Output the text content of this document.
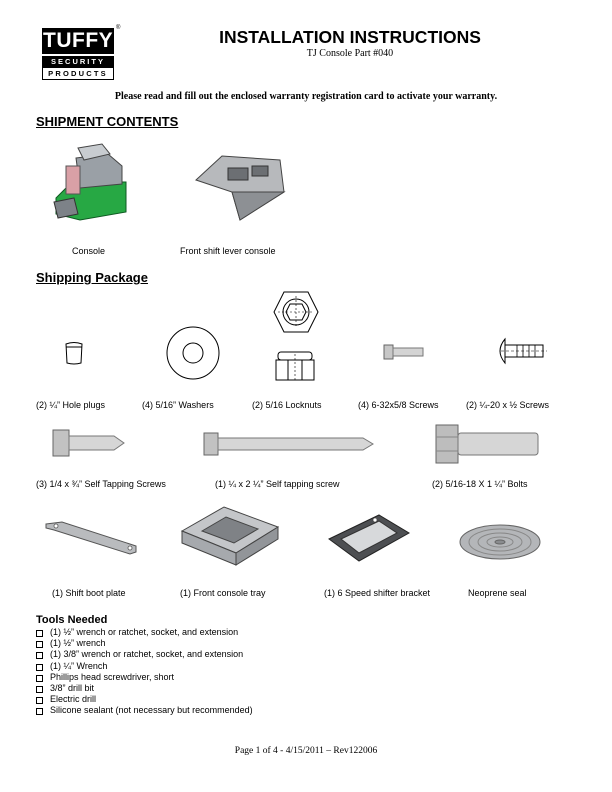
TUFFY
SECURITY
PRODUCTS
®	INSTALLATION INSTRUCTIONS
TJ Console Part #040
Please read and fill out the enclosed warranty registration card to activate your warranty.
SHIPMENT CONTENTS
Console	Front shift lever console
Shipping Package
(2) ¼” Hole plugs	(4) 5/16” Washers	(2) 5/16 Locknuts	(4) 6-32x5/8 Screws	(2) ¼-20 x ½ Screws
(3) 1/4 x ¾” Self Tapping Screws	(1) ¼ x 2 ¼” Self tapping screw	(2) 5/16-18 X 1 ¼” Bolts
(1) Shift boot plate	(1) Front console tray	(1) 6 Speed shifter bracket	Neoprene seal
Tools Needed
(1) ½” wrench or ratchet, socket, and extension
(1) ½” wrench
(1) 3/8” wrench or ratchet, socket, and extension
(1) ¼” Wrench
Phillips head screwdriver, short
3/8” drill bit
Electric drill
Silicone sealant (not necessary but recommended)
Page 1 of 4 - 4/15/2011 – Rev122006
